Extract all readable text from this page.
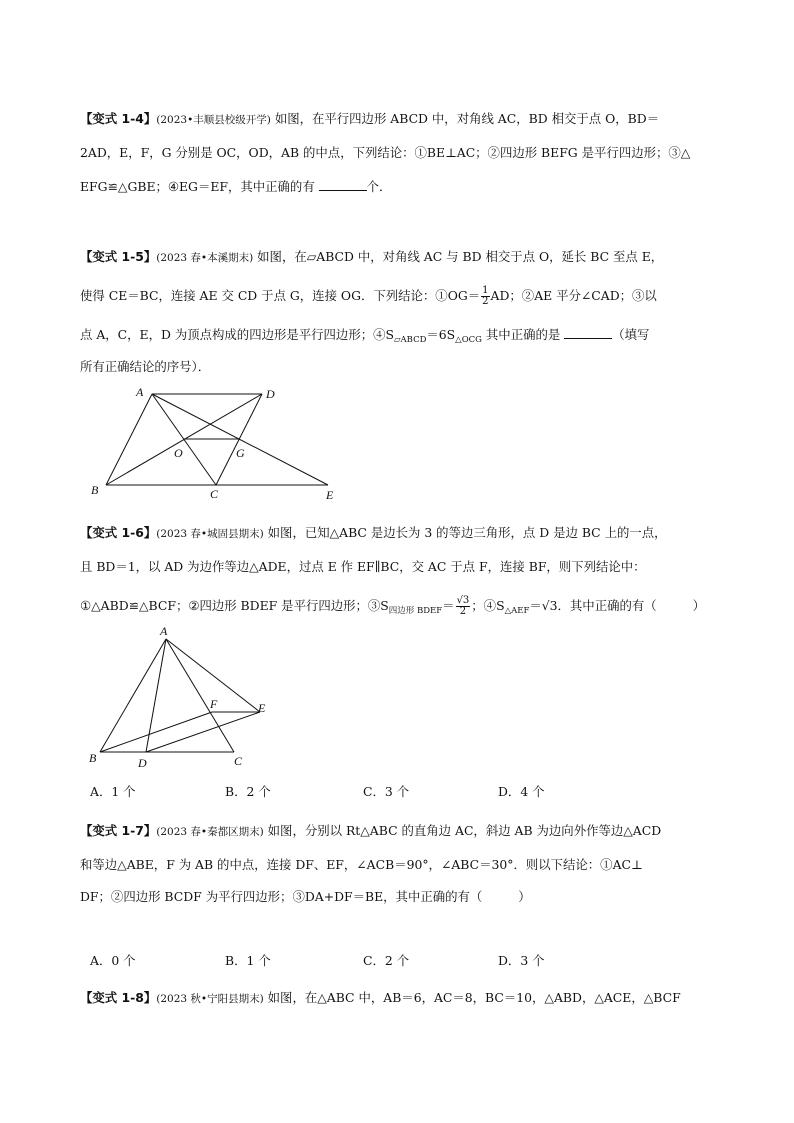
【变式 1-4】(2023•丰顺县校级开学) 如图，在平行四边形 ABCD 中，对角线 AC，BD 相交于点 O，BD＝
2AD，E，F，G 分别是 OC，OD，AB 的中点，下列结论：①BE⊥AC；②四边形 BEFG 是平行四边形；③△
EFG≌△GBE；④EG＝EF，其中正确的有	个．
【变式 1-5】(2023 春•本溪期末) 如图，在▱ABCD 中，对角线 AC 与 BD 相交于点 O，延长 BC 至点 E，
使得 CE＝BC，连接 AE 交 CD 于点 G，连接 OG．下列结论：①OG＝ $\frac{1}{2}$ AD；②AE 平分∠CAD；③以
点 A，C，E，D 为顶点构成的四边形是平行四边形；$④S_{▱ABCD}=6S_{\triangle OCG}$ 其中正确的是	（填写
所有正确结论的序号）．
A	D
O	G
B	C	E
【变式 1-6】(2023 春•城固县期末) 如图，已知△ABC 是边长为 3 的等边三角形，点 D 是边 BC 上的一点，
且 BD＝1，以 AD 为边作等边△ADE，过点 E 作 EF∥BC，交 AC 于点 F，连接 BF，则下列结论中：
①△ABD≌△BCF；②四边形 BDEF 是平行四边形；$③S_{四边形 BDEF}= \frac{√3}{2}$ ；$④S_{\triangle AEF}=√3$．其中正确的有（	）
A
F	E
B	D	C
A．1 个	B．2 个	C．3 个	D．4 个
【变式 1-7】(2023 春•秦都区期末) 如图，分别以 Rt△ABC 的直角边 AC，斜边 AB 为边向外作等边△ACD
和等边△ABE，F 为 AB 的中点，连接 DF、EF，∠ACB＝90°，∠ABC＝30°．则以下结论：①AC⊥
DF；②四边形 BCDF 为平行四边形；③DA+DF＝BE，其中正确的有（	）
A．0 个	B．1 个	C．2 个	D．3 个
【变式 1-8】(2023 秋•宁阳县期末) 如图，在△ABC 中，AB＝6，AC＝8，BC＝10，△ABD，△ACE，△BCF
